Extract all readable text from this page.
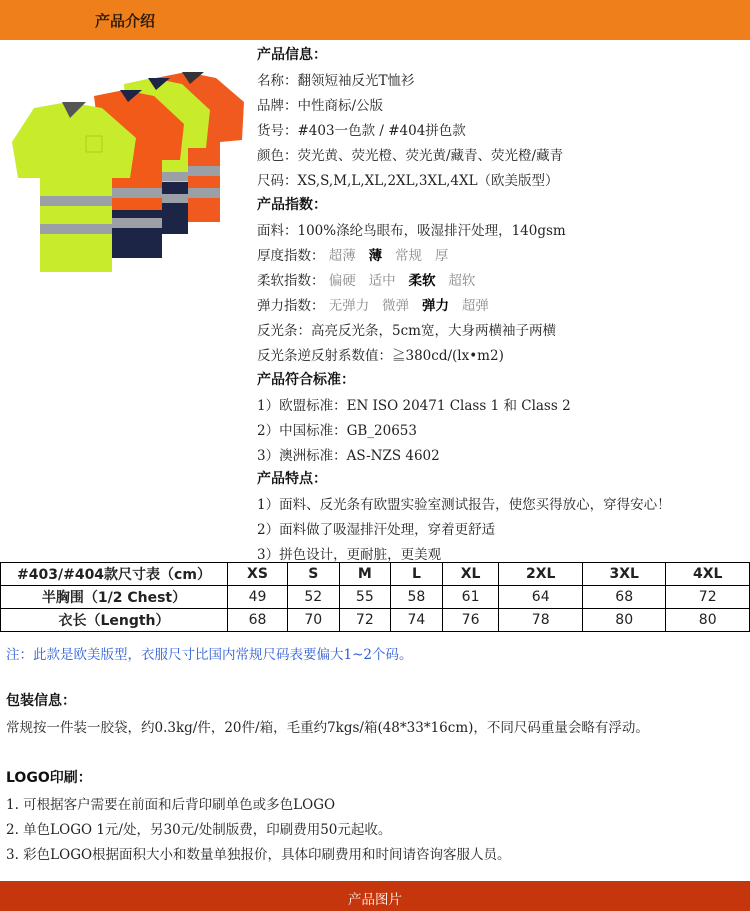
产品介绍
产品信息：
名称：翻领短袖反光T恤衫
品牌：中性商标/公版
货号：#403一色款 / #404拼色款
颜色：荧光黄、荧光橙、荧光黄/藏青、荧光橙/藏青
尺码：XS,S,M,L,XL,2XL,3XL,4XL（欧美版型）
产品指数：
面料：100%涤纶鸟眼布，吸湿排汗处理，140gsm
厚度指数： 超薄 薄 常规 厚
柔软指数： 偏硬 适中 柔软 超软
弹力指数： 无弹力 微弹 弹力 超弹
反光条：高亮反光条，5cm宽，大身两横袖子两横
反光条逆反射系数值：≧380cd/(lx•m2)
产品符合标准：
1）欧盟标准：EN ISO 20471 Class 1 和 Class 2
2）中国标准：GB_20653
3）澳洲标准：AS-NZS 4602
产品特点：
1）面料、反光条有欧盟实验室测试报告，使您买得放心，穿得安心！
2）面料做了吸湿排汗处理，穿着更舒适
3）拼色设计，更耐脏，更美观
#403/#404款尺寸表（cm）	XS	S	M	L	XL	2XL	3XL	4XL
半胸围（1/2 Chest）	49	52	55	58	61	64	68	72
衣长（Length）	68	70	72	74	76	78	80	80
注：此款是欧美版型，衣服尺寸比国内常规尺码表要偏大1~2个码。
包装信息：
常规按一件装一胶袋，约0.3kg/件，20件/箱，毛重约7kgs/箱(48*33*16cm)，不同尺码重量会略有浮动。
LOGO印刷：
1. 可根据客户需要在前面和后背印刷单色或多色LOGO
2. 单色LOGO 1元/处，另30元/处制版费，印刷费用50元起收。
3. 彩色LOGO根据面积大小和数量单独报价，具体印刷费用和时间请咨询客服人员。
产品图片
